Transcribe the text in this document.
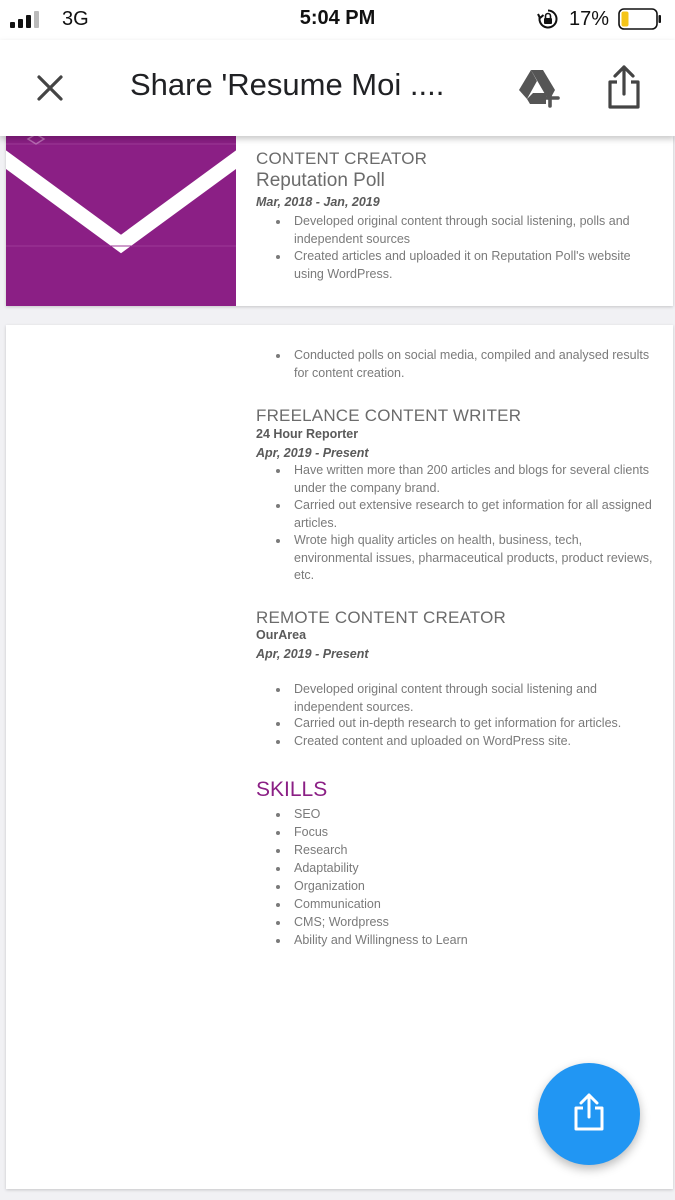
3G	5:04 PM	17%
Share 'Resume Moi ....
CONTENT CREATOR
Reputation Poll
Mar, 2018 - Jan, 2019
Developed original content through social listening, polls and independent sources
Created articles and uploaded it on Reputation Poll's website using WordPress.
Conducted polls on social media, compiled and analysed results for content creation.
FREELANCE CONTENT WRITER
24 Hour Reporter
Apr, 2019 - Present
Have written more than 200 articles and blogs for several clients under the company brand.
Carried out extensive research to get information for all assigned articles.
Wrote high quality articles on health, business, tech, environmental issues, pharmaceutical products, product reviews, etc.
REMOTE CONTENT CREATOR
OurArea
Apr, 2019 - Present
Developed original content through social listening and independent sources.
Carried out in-depth research to get information for articles.
Created content and uploaded on WordPress site.
SKILLS
SEO
Focus
Research
Adaptability
Organization
Communication
CMS; Wordpress
Ability and Willingness to Learn
